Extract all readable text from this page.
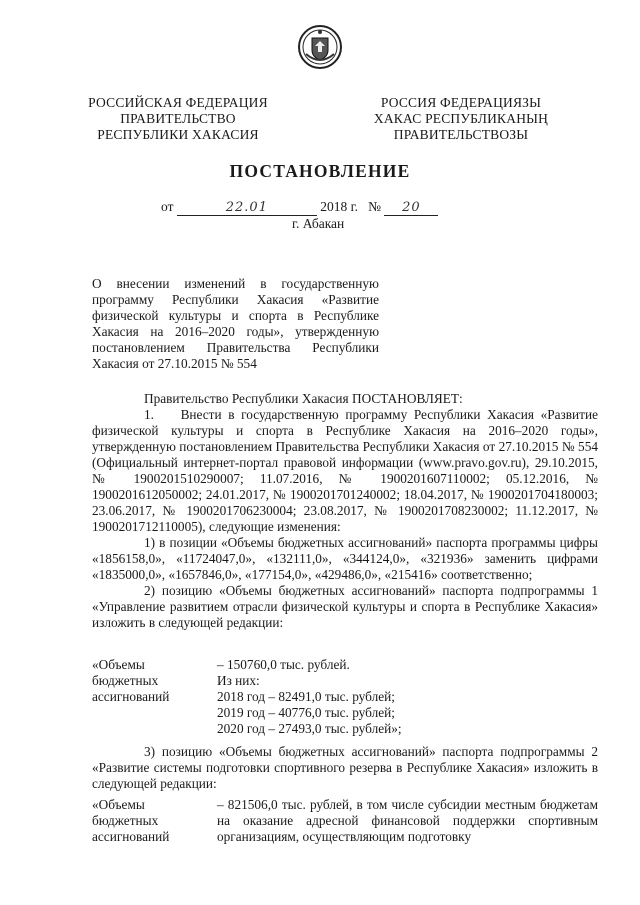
РОССИЙСКАЯ ФЕДЕРАЦИЯ
ПРАВИТЕЛЬСТВО
РЕСПУБЛИКИ ХАКАСИЯ
РОССИЯ ФЕДЕРАЦИЯЗЫ
ХАКАС РЕСПУБЛИКАНЫҢ
ПРАВИТЕЛЬСТВОЗЫ
ПОСТАНОВЛЕНИЕ
от	22.01	2018 г. № 20
г. Абакан
О внесении изменений в государственную программу Республики Хакасия «Развитие физической культуры и спорта в Республике Хакасия на 2016–2020 годы», утвержденную постановлением Правительства Республики Хакасия от 27.10.2015 № 554

Правительство Республики Хакасия ПОСТАНОВЛЯЕТ:

1.  Внести в государственную программу Республики Хакасия «Развитие физической культуры и спорта в Республике Хакасия на 2016–2020 годы», утвержденную постановлением Правительства Республики Хакасия от 27.10.2015 № 554 (Официальный интернет-портал правовой информации (www.pravo.gov.ru), 29.10.2015, № 1900201510290007; 11.07.2016, № 1900201607110002; 05.12.2016, № 1900201612050002; 24.01.2017, № 1900201701240002; 18.04.2017, № 1900201704180003; 23.06.2017, № 1900201706230004; 23.08.2017, № 1900201708230002; 11.12.2017, № 1900201712110005), следующие изменения:

1) в позиции «Объемы бюджетных ассигнований» паспорта программы цифры «1856158,0», «11724047,0», «132111,0», «344124,0», «321936» заменить цифрами «1835000,0», «1657846,0», «177154,0», «429486,0», «215416» соответственно;

2) позицию «Объемы бюджетных ассигнований» паспорта подпрограммы 1 «Управление развитием отрасли физической культуры и спорта в Республике Хакасия» изложить в следующей редакции:

«Объемы
бюджетных
ассигнований
– 150760,0 тыс. рублей.
Из них:
2018 год – 82491,0 тыс. рублей;
2019 год – 40776,0 тыс. рублей;
2020 год – 27493,0 тыс. рублей»;

3) позицию «Объемы бюджетных ассигнований» паспорта подпрограммы 2 «Развитие системы подготовки спортивного резерва в Республике Хакасия» изложить в следующей редакции:

«Объемы
бюджетных
ассигнований
– 821506,0 тыс. рублей, в том числе субсидии местным бюджетам на оказание адресной финансовой поддержки спортивным организациям, осуществляющим подготовку
